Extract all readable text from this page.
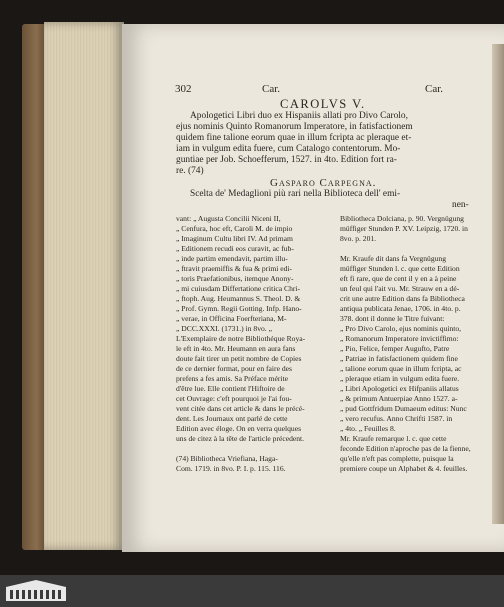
302	Car.	Car.
CAROLVS V.
Apologetici Libri duo ex Hispaniis allati pro Divo Carolo,
ejus nominis Quinto Romanorum Imperatore, in fatisfactionem
quidem fine talione eorum quae in illum fcripta ac pleraque et-
iam in vulgum edita fuere, cum Catalogo contentorum. Mo-
guntiae per Job. Schoefferum, 1527. in 4to. Edition fort ra-
re. (74)
Gasparo Carpegna.
Scelta de' Medaglioni più rari nella Biblioteca dell' emi-
nen-
vant: „ Augusta Concilii Niceni II,
„ Cenfura, hoc eft, Caroli M. de impio
„ Imaginum Cultu libri IV. Ad primam
„ Editionem recudi eos curavit, ac fub-
„ inde partim emendavit, partim illu-
„ ftravit praemiffis & fua & primi edi-
„ toris Praefationibus, itemque Anony-
„ mi cuiusdam Differtatione critica Chri-
„ ftoph. Aug. Heumannus S. Theol. D. &
„ Prof. Gymn. Regii Gotting. Infp. Hano-
„ verae, in Officina Foerfteriana, M-
„ DCC.XXXI. (1731.) in 8vo. „
L'Exemplaire de notre Bibliothéque Roya-
le eft in 4to. Mr. Heumann en aura fans
doute fait tirer un petit nombre de Copies
de ce dernier format, pour en faire des
prefens a fes amis. Sa Préface mérite
d'être lue. Elle contient l'Hiftoire de
cet Ouvrage: c'eft pourquoi je l'ai fou-
vent citée dans cet article & dans le précé-
dent. Les Journaux ont parlé de cette
Edition avec éloge. On en verra quelques
uns de citez à la tête de l'article précedent.
(74) Bibliotheca Vriefiana, Haga-
Com. 1719. in 8vo. P. I. p. 115. 116.
Bibliotheca Dolciana, p. 90. Vergnügung
müffiger Stunden P. XV. Leipzig, 1720. in
8vo. p. 201.
Mr. Kraufe dit dans fa Vergnügung
müffiger Stunden l. c. que cette Edition
eft fi rare, que de cent il y en a à peine
un feul qui l'ait vu. Mr. Strauw en a dé-
crit une autre Edition dans fa Bibliotheca
antiqua publicata Jenae, 1706. in 4to. p.
378. dont il donne le Titre fuivant:
„ Pro Divo Carolo, ejus nominis quinto,
„ Romanorum Imperatore invictiffimo:
„ Pio, Felice, femper Augufto, Patre
„ Patriae in fatisfactionem quidem fine
„ talione eorum quae in illum fcripta, ac
„ pleraque etiam in vulgum edita fuere.
„ Libri Apologetici ex Hifpaniis allatus
„ & primum Antuerpiae Anno 1527. a-
„ pud Gottfridum Dumaeum editus: Nunc
„ vero recufus. Anno Chrifti 1587. in
„ 4to. „ Feuilles 8.
Mr. Kraufe remarque l. c. que cette
feconde Edition n'aproche pas de la fienne,
qu'elle n'eft pas complette, puisque la
premiere coupe un Alphabet & 4. feuilles.
